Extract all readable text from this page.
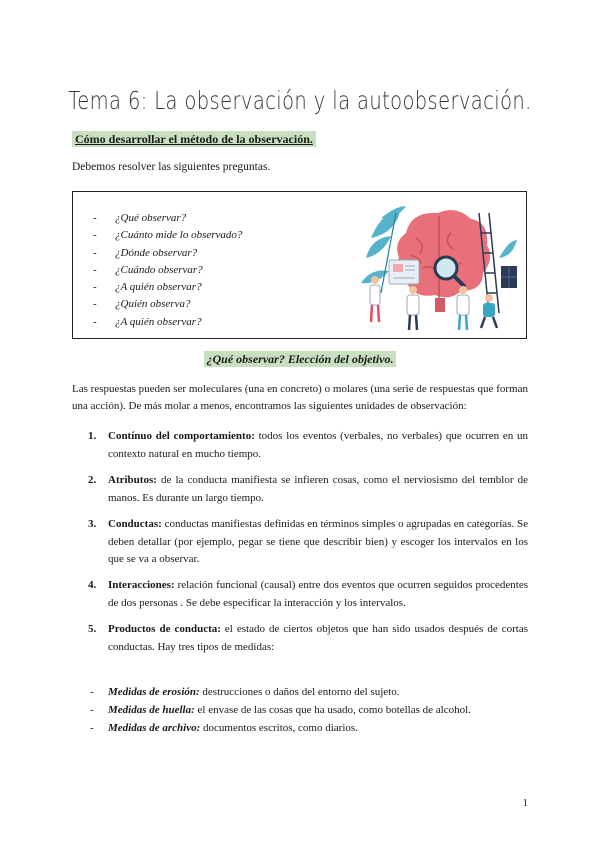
Tema 6: La observación y la autoobservación.
Cómo desarrollar el método de la observación.
Debemos resolver las siguientes preguntas.
- ¿Qué observar?
- ¿Cuánto mide lo observado?
- ¿Dónde observar?
- ¿Cuándo observar?
- ¿A quién observar?
- ¿Quién observa?
- ¿A quién observar?
¿Qué observar? Elección del objetivo.
Las respuestas pueden ser moleculares (una en concreto) o molares (una serie de respuestas que forman una acción). De más molar a menos, encontramos las siguientes unidades de observación:
1. Contínuo del comportamiento: todos los eventos (verbales, no verbales) que ocurren en un contexto natural en mucho tiempo.
2. Atributos: de la conducta manifiesta se infieren cosas, como el nerviosismo del temblor de manos. Es durante un largo tiempo.
3. Conductas: conductas manifiestas definidas en términos simples o agrupadas en categorías. Se deben detallar (por ejemplo, pegar se tiene que describir bien) y escoger los intervalos en los que se va a observar.
4. Interacciones: relación funcional (causal) entre dos eventos que ocurren seguidos procedentes de dos personas . Se debe especificar la interacción y los intervalos.
5. Productos de conducta: el estado de ciertos objetos que han sido usados después de cortas conductas. Hay tres tipos de medidas:
- Medidas de erosión: destrucciones o daños del entorno del sujeto.
- Medidas de huella: el envase de las cosas que ha usado, como botellas de alcohol.
- Medidas de archivo: documentos escritos, como diarios.
1
